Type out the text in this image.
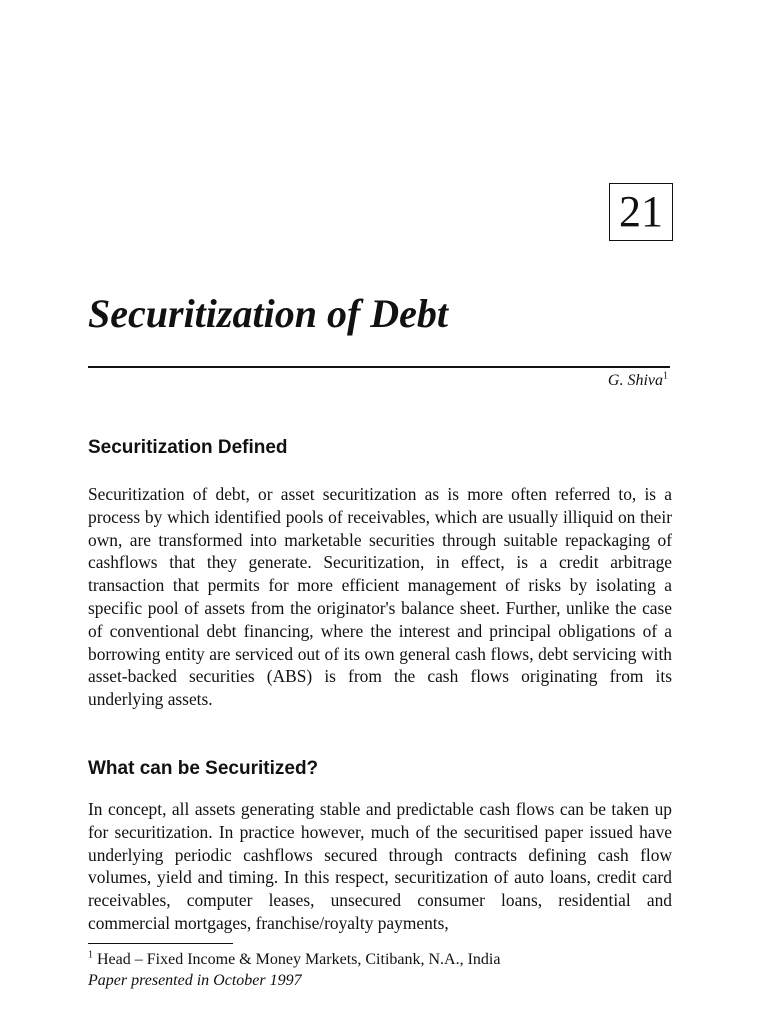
21
Securitization of Debt
G. Shiva$^1$
Securitization Defined

Securitization of debt, or asset securitization as is more often referred to, is a process by which identified pools of receivables, which are usually illiquid on their own, are transformed into marketable securities through suitable repackaging of cashflows that they generate. Securitization, in effect, is a credit arbitrage transaction that permits for more efficient management of risks by isolating a specific pool of assets from the originator's balance sheet. Further, unlike the case of conventional debt financing, where the interest and principal obligations of a borrowing entity are serviced out of its own general cash flows, debt servicing with asset-backed securities (ABS) is from the cash flows originating from its underlying assets.

What can be Securitized?

In concept, all assets generating stable and predictable cash flows can be taken up for securitization. In practice however, much of the securitised paper issued have underlying periodic cashflows secured through contracts defining cash flow volumes, yield and timing. In this respect, securitization of auto loans, credit card receivables, computer leases, unsecured consumer loans, residential and commercial mortgages, franchise/royalty payments,

$^1$ Head – Fixed Income & Money Markets, Citibank, N.A., India
Paper presented in October 1997
